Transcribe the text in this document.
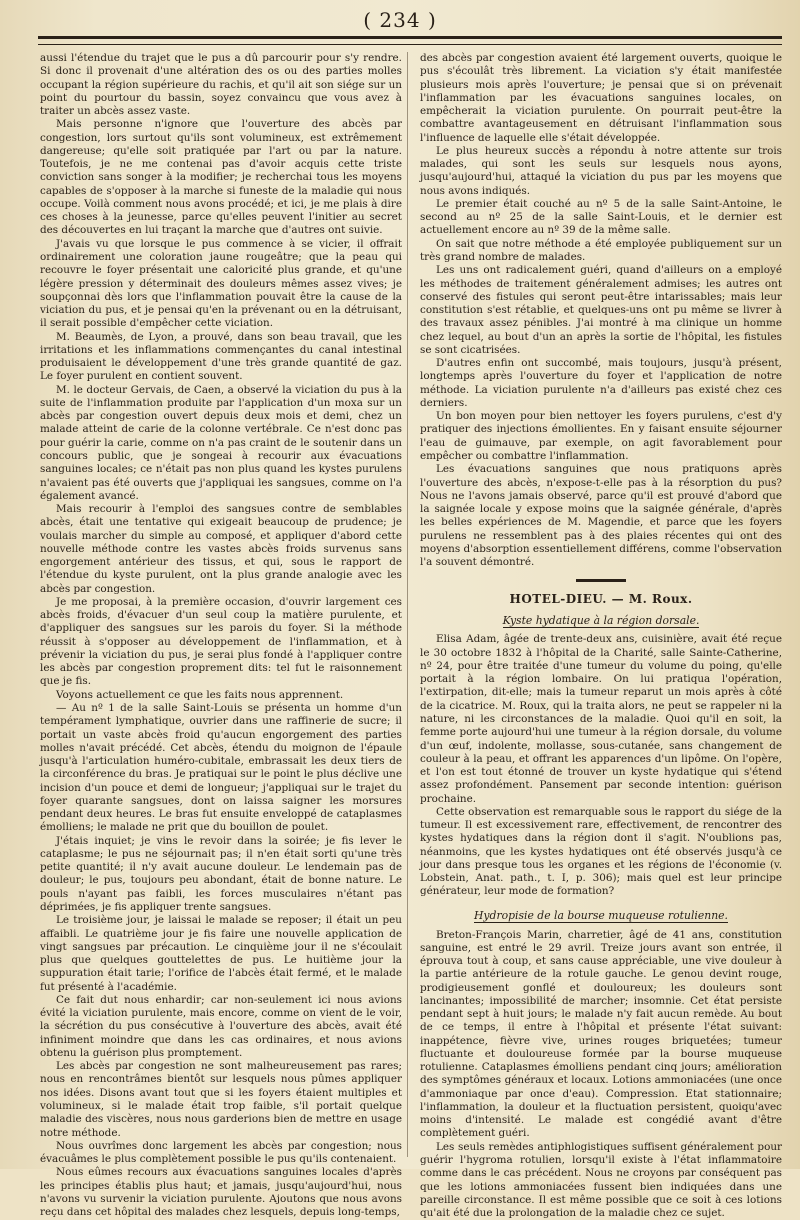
( 234 )

aussi l'étendue du trajet que le pus a dû parcourir pour s'y rendre. Si donc il provenait d'une altération des os ou des parties molles occupant la région supérieure du rachis, et qu'il ait son siége sur un point du pourtour du bassin, soyez convaincu que vous avez à traiter un abcès assez vaste.

Mais personne n'ignore que l'ouverture des abcès par congestion, lors surtout qu'ils sont volumineux, est extrêmement dangereuse; qu'elle soit pratiquée par l'art ou par la nature. Toutefois, je ne me contenai pas d'avoir acquis cette triste conviction sans songer à la modifier; je recherchai tous les moyens capables de s'opposer à la marche si funeste de la maladie qui nous occupe. Voilà comment nous avons procédé; et ici, je me plais à dire ces choses à la jeunesse, parce qu'elles peuvent l'initier au secret des découvertes en lui traçant la marche que d'autres ont suivie.

J'avais vu que lorsque le pus commence à se vicier, il offrait ordinairement une coloration jaune rougeâtre; que la peau qui recouvre le foyer présentait une caloricité plus grande, et qu'une légère pression y déterminait des douleurs mêmes assez vives; je soupçonnai dès lors que l'inflammation pouvait être la cause de la viciation du pus, et je pensai qu'en la prévenant ou en la détruisant, il serait possible d'empêcher cette viciation.

M. Beaumès, de Lyon, a prouvé, dans son beau travail, que les irritations et les inflammations commençantes du canal intestinal produisaient le développement d'une très grande quantité de gaz. Le foyer purulent en contient souvent.

M. le docteur Gervais, de Caen, a observé la viciation du pus à la suite de l'inflammation produite par l'application d'un moxa sur un abcès par congestion ouvert depuis deux mois et demi, chez un malade atteint de carie de la colonne vertébrale. Ce n'est donc pas pour guérir la carie, comme on n'a pas craint de le soutenir dans un concours public, que je songeai à recourir aux évacuations sanguines locales; ce n'était pas non plus quand les kystes purulens n'avaient pas été ouverts que j'appliquai les sangsues, comme on l'a également avancé.

Mais recourir à l'emploi des sangsues contre de semblables abcès, était une tentative qui exigeait beaucoup de prudence; je voulais marcher du simple au composé, et appliquer d'abord cette nouvelle méthode contre les vastes abcès froids survenus sans engorgement antérieur des tissus, et qui, sous le rapport de l'étendue du kyste purulent, ont la plus grande analogie avec les abcès par congestion.

Je me proposai, à la première occasion, d'ouvrir largement ces abcès froids, d'évacuer d'un seul coup la matière purulente, et d'appliquer des sangsues sur les parois du foyer. Si la méthode réussit à s'opposer au développement de l'inflammation, et à prévenir la viciation du pus, je serai plus fondé à l'appliquer contre les abcès par congestion proprement dits: tel fut le raisonnement que je fis.

Voyons actuellement ce que les faits nous apprennent.

— Au nº 1 de la salle Saint-Louis se présenta un homme d'un tempérament lymphatique, ouvrier dans une raffinerie de sucre; il portait un vaste abcès froid qu'aucun engorgement des parties molles n'avait précédé. Cet abcès, étendu du moignon de l'épaule jusqu'à l'articulation huméro-cubitale, embrassait les deux tiers de la circonférence du bras. Je pratiquai sur le point le plus déclive une incision d'un pouce et demi de longueur; j'appliquai sur le trajet du foyer quarante sangsues, dont on laissa saigner les morsures pendant deux heures. Le bras fut ensuite enveloppé de cataplasmes émolliens; le malade ne prit que du bouillon de poulet.

J'étais inquiet; je vins le revoir dans la soirée; je fis lever le cataplasme; le pus ne séjournait pas; il n'en était sorti qu'une très petite quantité; il n'y avait aucune douleur. Le lendemain pas de douleur; le pus, toujours peu abondant, était de bonne nature. Le pouls n'ayant pas faibli, les forces musculaires n'étant pas déprimées, je fis appliquer trente sangsues.

Le troisième jour, je laissai le malade se reposer; il était un peu affaibli. Le quatrième jour je fis faire une nouvelle application de vingt sangsues par précaution. Le cinquième jour il ne s'écoulait plus que quelques gouttelettes de pus. Le huitième jour la suppuration était tarie; l'orifice de l'abcès était fermé, et le malade fut présenté à l'académie.

Ce fait dut nous enhardir; car non-seulement ici nous avions évité la viciation purulente, mais encore, comme on vient de le voir, la sécrétion du pus consécutive à l'ouverture des abcès, avait été infiniment moindre que dans les cas ordinaires, et nous avions obtenu la guérison plus promptement.

Les abcès par congestion ne sont malheureusement pas rares; nous en rencontrâmes bientôt sur lesquels nous pûmes appliquer nos idées. Disons avant tout que si les foyers étaient multiples et volumineux, si le malade était trop faible, s'il portait quelque maladie des viscères, nous nous garderions bien de mettre en usage notre méthode.

Nous ouvrîmes donc largement les abcès par congestion; nous évacuâmes le plus complètement possible le pus qu'ils contenaient.

Nous eûmes recours aux évacuations sanguines locales d'après les principes établis plus haut; et jamais, jusqu'aujourd'hui, nous n'avons vu survenir la viciation purulente. Ajoutons que nous avons reçu dans cet hôpital des malades chez lesquels, depuis long-temps,

des abcès par congestion avaient été largement ouverts, quoique le pus s'écoulât très librement. La viciation s'y était manifestée plusieurs mois après l'ouverture; je pensai que si on prévenait l'inflammation par les évacuations sanguines locales, on empêcherait la viciation purulente. On pourrait peut-être la combattre avantageusement en détruisant l'inflammation sous l'influence de laquelle elle s'était développée.

Le plus heureux succès a répondu à notre attente sur trois malades, qui sont les seuls sur lesquels nous ayons, jusqu'aujourd'hui, attaqué la viciation du pus par les moyens que nous avons indiqués.

Le premier était couché au nº 5 de la salle Saint-Antoine, le second au nº 25 de la salle Saint-Louis, et le dernier est actuellement encore au nº 39 de la même salle.

On sait que notre méthode a été employée publiquement sur un très grand nombre de malades.

Les uns ont radicalement guéri, quand d'ailleurs on a employé les méthodes de traitement généralement admises; les autres ont conservé des fistules qui seront peut-être intarissables; mais leur constitution s'est rétablie, et quelques-uns ont pu même se livrer à des travaux assez pénibles. J'ai montré à ma clinique un homme chez lequel, au bout d'un an après la sortie de l'hôpital, les fistules se sont cicatrisées.

D'autres enfin ont succombé, mais toujours, jusqu'à présent, longtemps après l'ouverture du foyer et l'application de notre méthode. La viciation purulente n'a d'ailleurs pas existé chez ces derniers.

Un bon moyen pour bien nettoyer les foyers purulens, c'est d'y pratiquer des injections émollientes. En y faisant ensuite séjourner l'eau de guimauve, par exemple, on agit favorablement pour empêcher ou combattre l'inflammation.

Les évacuations sanguines que nous pratiquons après l'ouverture des abcès, n'expose-t-elle pas à la résorption du pus? Nous ne l'avons jamais observé, parce qu'il est prouvé d'abord que la saignée locale y expose moins que la saignée générale, d'après les belles expériences de M. Magendie, et parce que les foyers purulens ne ressemblent pas à des plaies récentes qui ont des moyens d'absorption essentiellement différens, comme l'observation l'a souvent démontré.

HOTEL-DIEU. — M. Roux.
Kyste hydatique à la région dorsale.

Elisa Adam, âgée de trente-deux ans, cuisinière, avait été reçue le 30 octobre 1832 à l'hôpital de la Charité, salle Sainte-Catherine, nº 24, pour être traitée d'une tumeur du volume du poing, qu'elle portait à la région lombaire. On lui pratiqua l'opération, l'extirpation, dit-elle; mais la tumeur reparut un mois après à côté de la cicatrice. M. Roux, qui la traita alors, ne peut se rappeler ni la nature, ni les circonstances de la maladie. Quoi qu'il en soit, la femme porte aujourd'hui une tumeur à la région dorsale, du volume d'un œuf, indolente, mollasse, sous-cutanée, sans changement de couleur à la peau, et offrant les apparences d'un lipôme. On l'opère, et l'on est tout étonné de trouver un kyste hydatique qui s'étend assez profondément. Pansement par seconde intention: guérison prochaine.

Cette observation est remarquable sous le rapport du siége de la tumeur. Il est excessivement rare, effectivement, de rencontrer des kystes hydatiques dans la région dont il s'agit. N'oublions pas, néanmoins, que les kystes hydatiques ont été observés jusqu'à ce jour dans presque tous les organes et les régions de l'économie (v. Lobstein, Anat. path., t. I, p. 306); mais quel est leur principe générateur, leur mode de formation?

Hydropisie de la bourse muqueuse rotulienne.

Breton-François Marin, charretier, âgé de 41 ans, constitution sanguine, est entré le 29 avril. Treize jours avant son entrée, il éprouva tout à coup, et sans cause appréciable, une vive douleur à la partie antérieure de la rotule gauche. Le genou devint rouge, prodigieusement gonflé et douloureux; les douleurs sont lancinantes; impossibilité de marcher; insomnie. Cet état persiste pendant sept à huit jours; le malade n'y fait aucun remède. Au bout de ce temps, il entre à l'hôpital et présente l'état suivant: inappétence, fièvre vive, urines rouges briquetées; tumeur fluctuante et douloureuse formée par la bourse muqueuse rotulienne. Cataplasmes émolliens pendant cinq jours; amélioration des symptômes généraux et locaux. Lotions ammoniacées (une once d'ammoniaque par once d'eau). Compression. Etat stationnaire; l'inflammation, la douleur et la fluctuation persistent, quoiqu'avec moins d'intensité. Le malade est congédié avant d'être complètement guéri.

Les seuls remèdes antiphlogistiques suffisent généralement pour guérir l'hygroma rotulien, lorsqu'il existe à l'état inflammatoire comme dans le cas précédent. Nous ne croyons par conséquent pas que les lotions ammoniacées fussent bien indiquées dans une pareille circonstance. Il est même possible que ce soit à ces lotions qu'ait été due la prolongation de la maladie chez ce sujet.
